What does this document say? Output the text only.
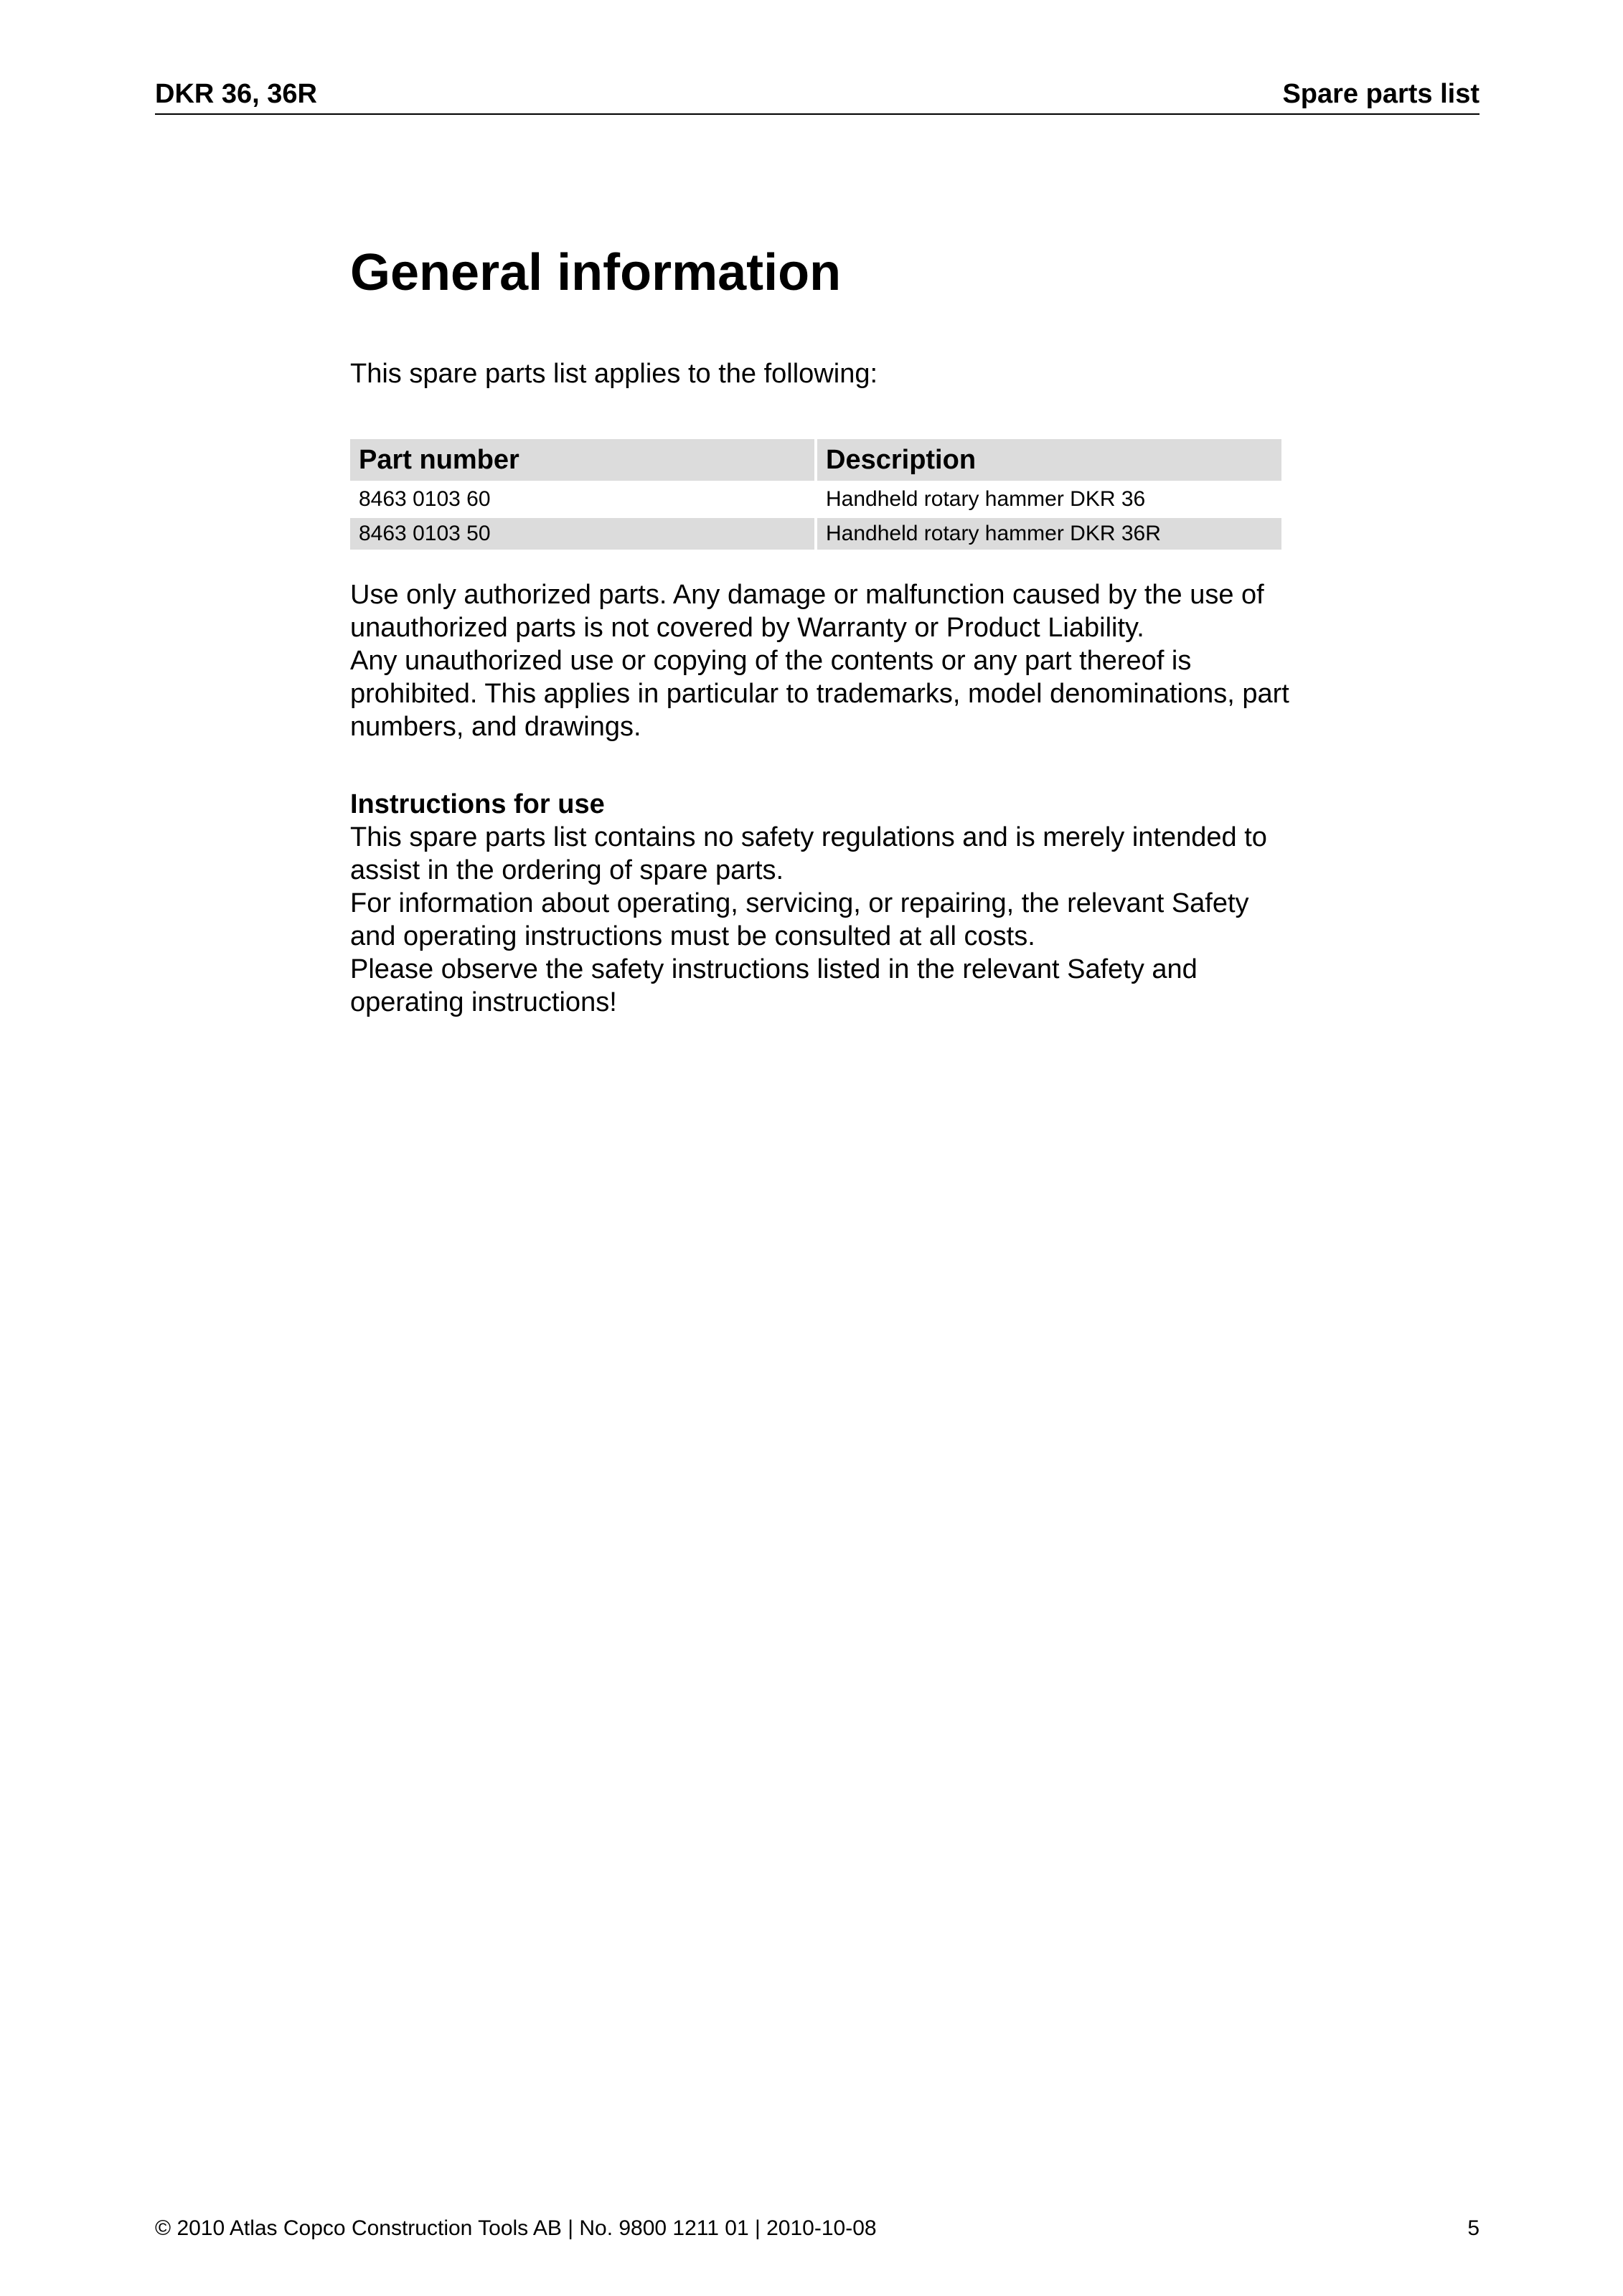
DKR 36, 36R	Spare parts list
General information
This spare parts list applies to the following:
Part number	Description
8463 0103 60	Handheld rotary hammer DKR 36
8463 0103 50	Handheld rotary hammer DKR 36R

Use only authorized parts. Any damage or malfunction caused by the use of unauthorized parts is not covered by Warranty or Product Liability.

Any unauthorized use or copying of the contents or any part thereof is prohibited. This applies in particular to trademarks, model denominations, part numbers, and drawings.

Instructions for use

This spare parts list contains no safety regulations and is merely intended to assist in the ordering of spare parts.

For information about operating, servicing, or repairing, the relevant Safety and operating instructions must be consulted at all costs.

Please observe the safety instructions listed in the relevant Safety and operating instructions!

© 2010 Atlas Copco Construction Tools AB | No. 9800 1211 01 | 2010-10-08	5
